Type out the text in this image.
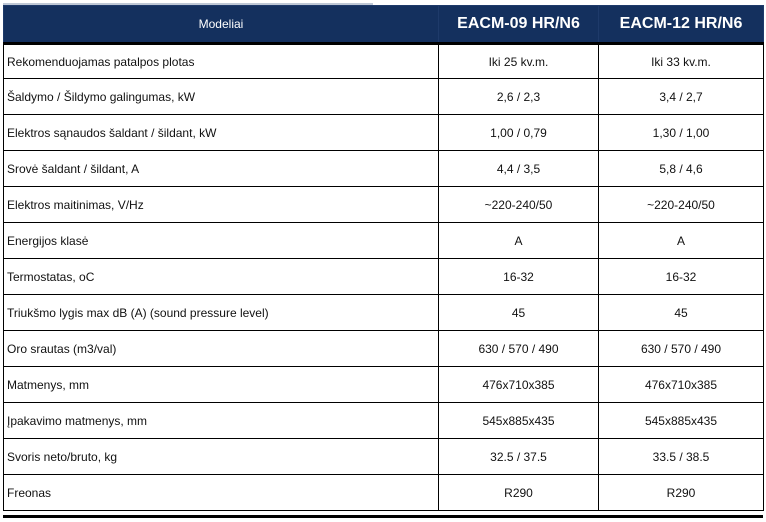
Modeliai	EACM-09 HR/N6	EACM-12 HR/N6
Rekomenduojamas patalpos plotas	Iki 25 kv.m.	Iki 33 kv.m.
Šaldymo / Šildymo galingumas, kW	2,6 / 2,3	3,4 / 2,7
Elektros sąnaudos šaldant / šildant, kW	1,00 / 0,79	1,30 / 1,00
Srovė šaldant / šildant, A	4,4 / 3,5	5,8 / 4,6
Elektros maitinimas, V/Hz	~220-240/50	~220-240/50
Energijos klasė	A	A
Termostatas, oC	16-32	16-32
Triukšmo lygis max dB (A) (sound pressure level)	45	45
Oro srautas (m3/val)	630 / 570 / 490	630 / 570 / 490
Matmenys, mm	476x710x385	476x710x385
Įpakavimo matmenys, mm	545x885x435	545x885x435
Svoris neto/bruto, kg	32.5 / 37.5	33.5 / 38.5
Freonas	R290	R290
